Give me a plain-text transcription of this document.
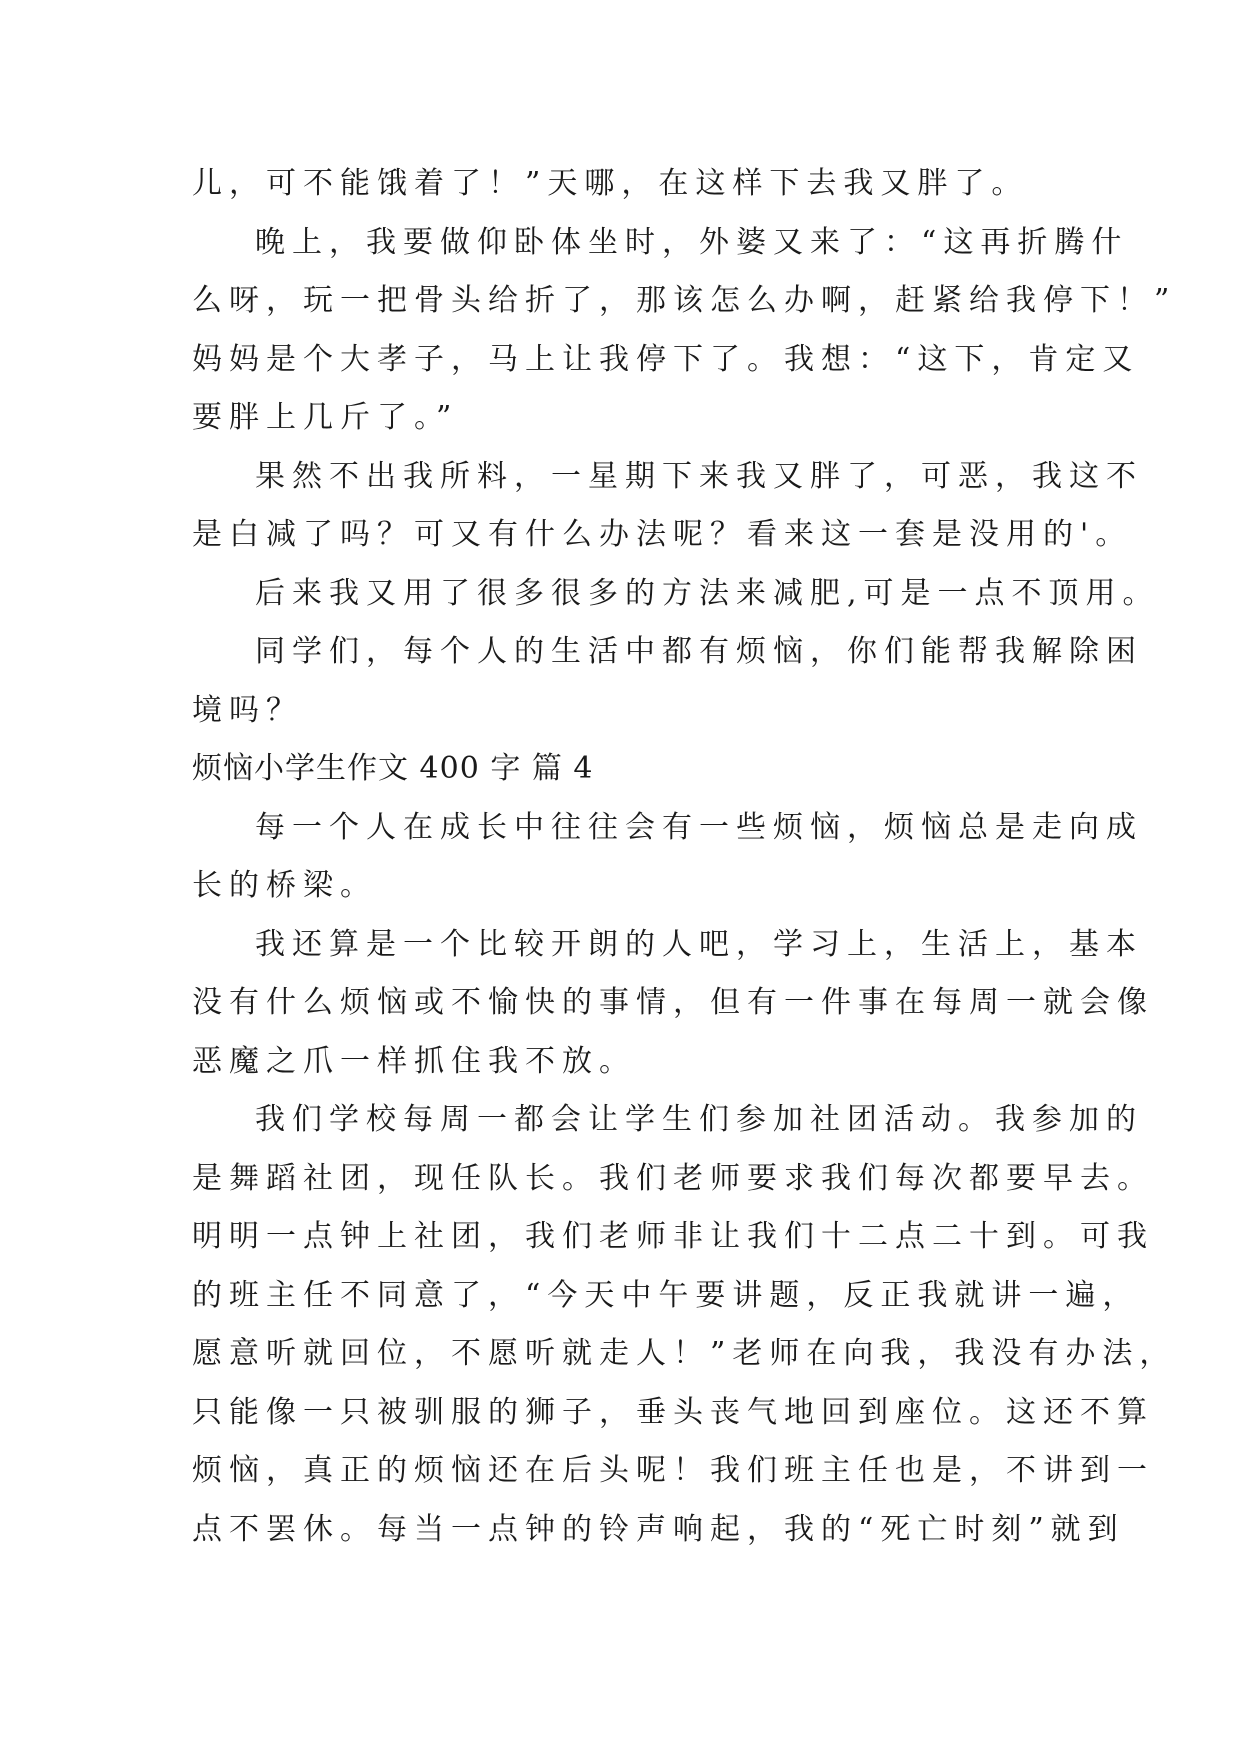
儿，可不能饿着了！”天哪，在这样下去我又胖了。
晚上，我要做仰卧体坐时，外婆又来了：“这再折腾什
么呀，玩一把骨头给折了，那该怎么办啊，赶紧给我停下！”
妈妈是个大孝子，马上让我停下了。我想：“这下，肯定又
要胖上几斤了。”
果然不出我所料，一星期下来我又胖了，可恶，我这不
是白减了吗？可又有什么办法呢？看来这一套是没用的'。
后来我又用了很多很多的方法来减肥,可是一点不顶用。
同学们，每个人的生活中都有烦恼，你们能帮我解除困
境吗？
烦恼小学生作文 400 字 篇 4
每一个人在成长中往往会有一些烦恼，烦恼总是走向成
长的桥梁。
我还算是一个比较开朗的人吧，学习上，生活上，基本
没有什么烦恼或不愉快的事情，但有一件事在每周一就会像
恶魔之爪一样抓住我不放。
我们学校每周一都会让学生们参加社团活动。我参加的
是舞蹈社团，现任队长。我们老师要求我们每次都要早去。
明明一点钟上社团，我们老师非让我们十二点二十到。可我
的班主任不同意了，“今天中午要讲题，反正我就讲一遍，
愿意听就回位，不愿听就走人！”老师在向我，我没有办法，
只能像一只被驯服的狮子，垂头丧气地回到座位。这还不算
烦恼，真正的烦恼还在后头呢！我们班主任也是，不讲到一
点不罢休。每当一点钟的铃声响起，我的“死亡时刻”就到
